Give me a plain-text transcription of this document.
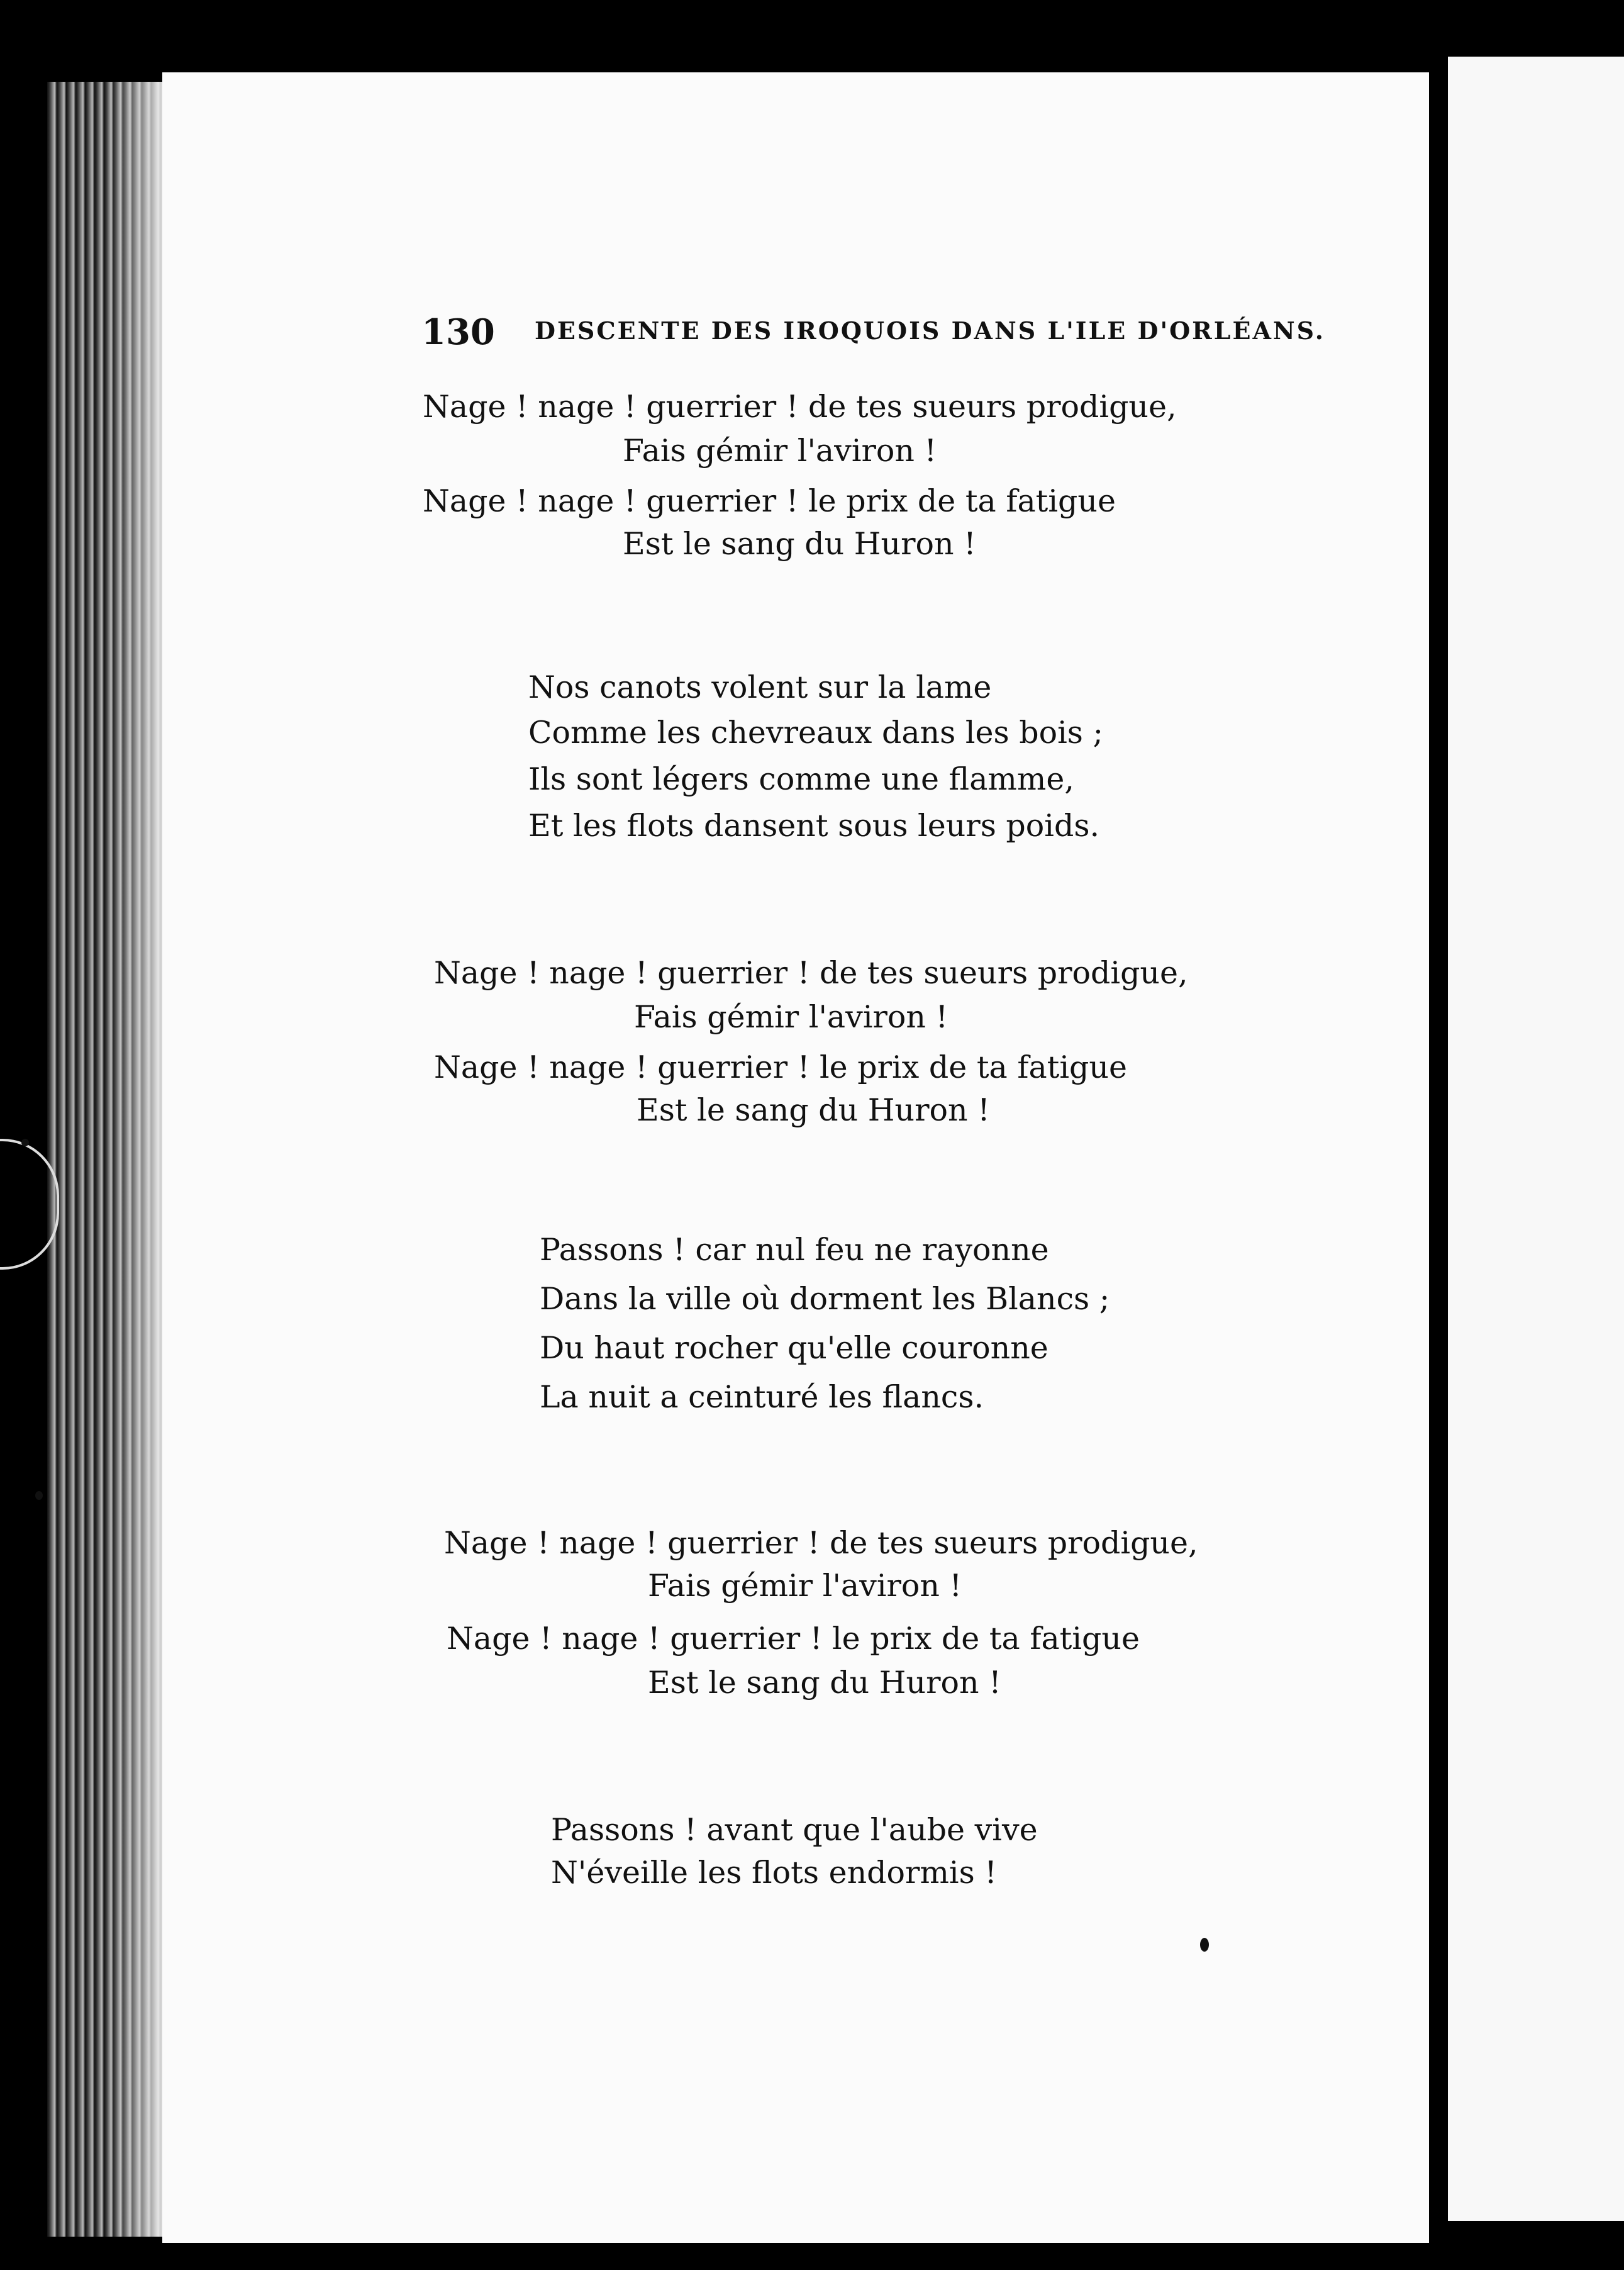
130 DESCENTE DES IROQUOIS DANS L'ILE D'ORLÉANS.
Nage ! nage ! guerrier ! de tes sueurs prodigue,
Fais gémir l'aviron !
Nage ! nage ! guerrier ! le prix de ta fatigue
Est le sang du Huron !
Nos canots volent sur la lame
Comme les chevreaux dans les bois ;
Ils sont légers comme une flamme,
Et les flots dansent sous leurs poids.
Nage ! nage ! guerrier ! de tes sueurs prodigue,
Fais gémir l'aviron !
Nage ! nage ! guerrier ! le prix de ta fatigue
Est le sang du Huron !
Passons ! car nul feu ne rayonne
Dans la ville où dorment les Blancs ;
Du haut rocher qu'elle couronne
La nuit a ceinturé les flancs.
Nage ! nage ! guerrier ! de tes sueurs prodigue,
Fais gémir l'aviron !
Nage ! nage ! guerrier ! le prix de ta fatigue
Est le sang du Huron !
Passons ! avant que l'aube vive
N'éveille les flots endormis !
